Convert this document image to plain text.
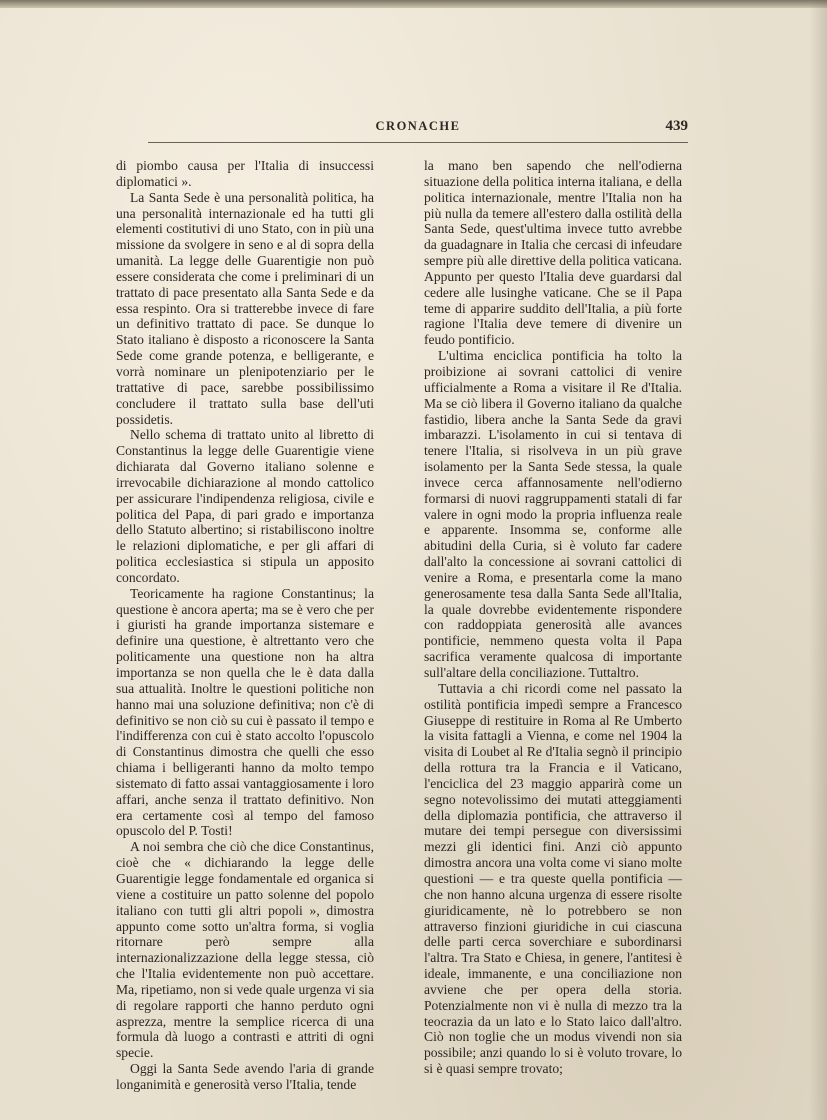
CRONACHE	439

di piombo causa per l'Italia di insuccessi diplomatici ».

La Santa Sede è una personalità politica, ha una personalità internazionale ed ha tutti gli elementi costitutivi di uno Stato, con in più una missione da svolgere in seno e al di sopra della umanità. La legge delle Guarentigie non può essere considerata che come i preliminari di un trattato di pace presentato alla Santa Sede e da essa respinto. Ora si tratterebbe invece di fare un definitivo trattato di pace. Se dunque lo Stato italiano è disposto a riconoscere la Santa Sede come grande potenza, e belligerante, e vorrà nominare un plenipotenziario per le trattative di pace, sarebbe possibilissimo concludere il trattato sulla base dell'uti possidetis.

Nello schema di trattato unito al libretto di Constantinus la legge delle Guarentigie viene dichiarata dal Governo italiano solenne e irrevocabile dichiarazione al mondo cattolico per assicurare l'indipendenza religiosa, civile e politica del Papa, di pari grado e importanza dello Statuto albertino; si ristabiliscono inoltre le relazioni diplomatiche, e per gli affari di politica ecclesiastica si stipula un apposito concordato.

Teoricamente ha ragione Constantinus; la questione è ancora aperta; ma se è vero che per i giuristi ha grande importanza sistemare e definire una questione, è altrettanto vero che politicamente una questione non ha altra importanza se non quella che le è data dalla sua attualità. Inoltre le questioni politiche non hanno mai una soluzione definitiva; non c'è di definitivo se non ciò su cui è passato il tempo e l'indifferenza con cui è stato accolto l'opuscolo di Constantinus dimostra che quelli che esso chiama i belligeranti hanno da molto tempo sistemato di fatto assai vantaggiosamente i loro affari, anche senza il trattato definitivo. Non era certamente così al tempo del famoso opuscolo del P. Tosti!

A noi sembra che ciò che dice Constantinus, cioè che « dichiarando la legge delle Guarentigie legge fondamentale ed organica si viene a costituire un patto solenne del popolo italiano con tutti gli altri popoli », dimostra appunto come sotto un'altra forma, si voglia ritornare però sempre alla internazionalizzazione della legge stessa, ciò che l'Italia evidentemente non può accettare. Ma, ripetiamo, non si vede quale urgenza vi sia di regolare rapporti che hanno perduto ogni asprezza, mentre la semplice ricerca di una formula dà luogo a contrasti e attriti di ogni specie.

Oggi la Santa Sede avendo l'aria di grande longanimità e generosità verso l'Italia, tende

la mano ben sapendo che nell'odierna situazione della politica interna italiana, e della politica internazionale, mentre l'Italia non ha più nulla da temere all'estero dalla ostilità della Santa Sede, quest'ultima invece tutto avrebbe da guadagnare in Italia che cercasi di infeudare sempre più alle direttive della politica vaticana. Appunto per questo l'Italia deve guardarsi dal cedere alle lusinghe vaticane. Che se il Papa teme di apparire suddito dell'Italia, a più forte ragione l'Italia deve temere di divenire un feudo pontificio.

L'ultima enciclica pontificia ha tolto la proibizione ai sovrani cattolici di venire ufficialmente a Roma a visitare il Re d'Italia. Ma se ciò libera il Governo italiano da qualche fastidio, libera anche la Santa Sede da gravi imbarazzi. L'isolamento in cui si tentava di tenere l'Italia, si risolveva in un più grave isolamento per la Santa Sede stessa, la quale invece cerca affannosamente nell'odierno formarsi di nuovi raggruppamenti statali di far valere in ogni modo la propria influenza reale e apparente. Insomma se, conforme alle abitudini della Curia, si è voluto far cadere dall'alto la concessione ai sovrani cattolici di venire a Roma, e presentarla come la mano generosamente tesa dalla Santa Sede all'Italia, la quale dovrebbe evidentemente rispondere con raddoppiata generosità alle avances pontificie, nemmeno questa volta il Papa sacrifica veramente qualcosa di importante sull'altare della conciliazione. Tuttaltro.

Tuttavia a chi ricordi come nel passato la ostilità pontificia impedì sempre a Francesco Giuseppe di restituire in Roma al Re Umberto la visita fattagli a Vienna, e come nel 1904 la visita di Loubet al Re d'Italia segnò il principio della rottura tra la Francia e il Vaticano, l'enciclica del 23 maggio apparirà come un segno notevolissimo dei mutati atteggiamenti della diplomazia pontificia, che attraverso il mutare dei tempi persegue con diversissimi mezzi gli identici fini. Anzi ciò appunto dimostra ancora una volta come vi siano molte questioni — e tra queste quella pontificia — che non hanno alcuna urgenza di essere risolte giuridicamente, nè lo potrebbero se non attraverso finzioni giuridiche in cui ciascuna delle parti cerca soverchiare e subordinarsi l'altra. Tra Stato e Chiesa, in genere, l'antitesi è ideale, immanente, e una conciliazione non avviene che per opera della storia. Potenzialmente non vi è nulla di mezzo tra la teocrazia da un lato e lo Stato laico dall'altro. Ciò non toglie che un modus vivendi non sia possibile; anzi quando lo si è voluto trovare, lo si è quasi sempre trovato;
